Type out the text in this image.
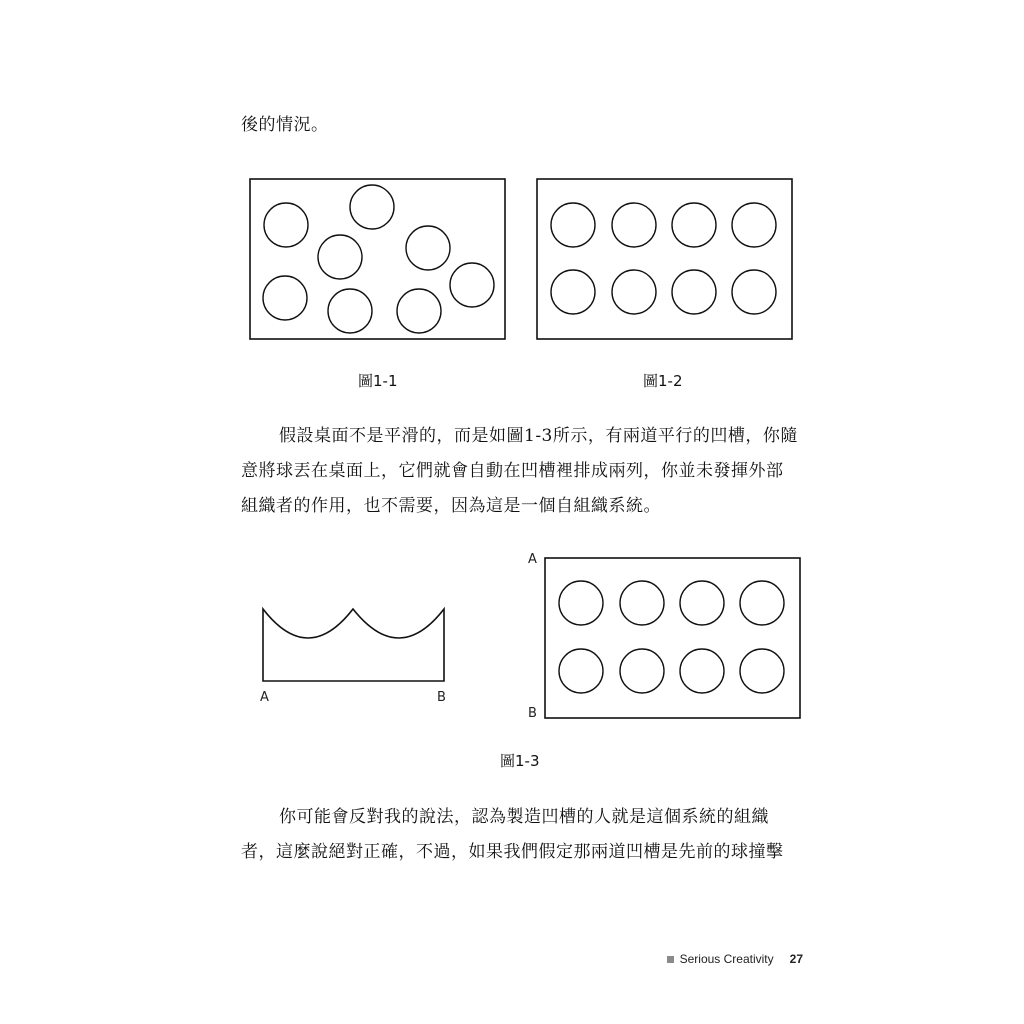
後的情況。

圖1-1	圖1-2

假設桌面不是平滑的，而是如圖1-3所示，有兩道平行的凹槽，你隨
意將球丟在桌面上，它們就會自動在凹槽裡排成兩列，你並未發揮外部
組織者的作用，也不需要，因為這是一個自組織系統。

A	B
A
B
圖1-3

你可能會反對我的說法，認為製造凹槽的人就是這個系統的組織
者，這麼說絕對正確，不過，如果我們假定那兩道凹槽是先前的球撞擊

Serious Creativity 27
